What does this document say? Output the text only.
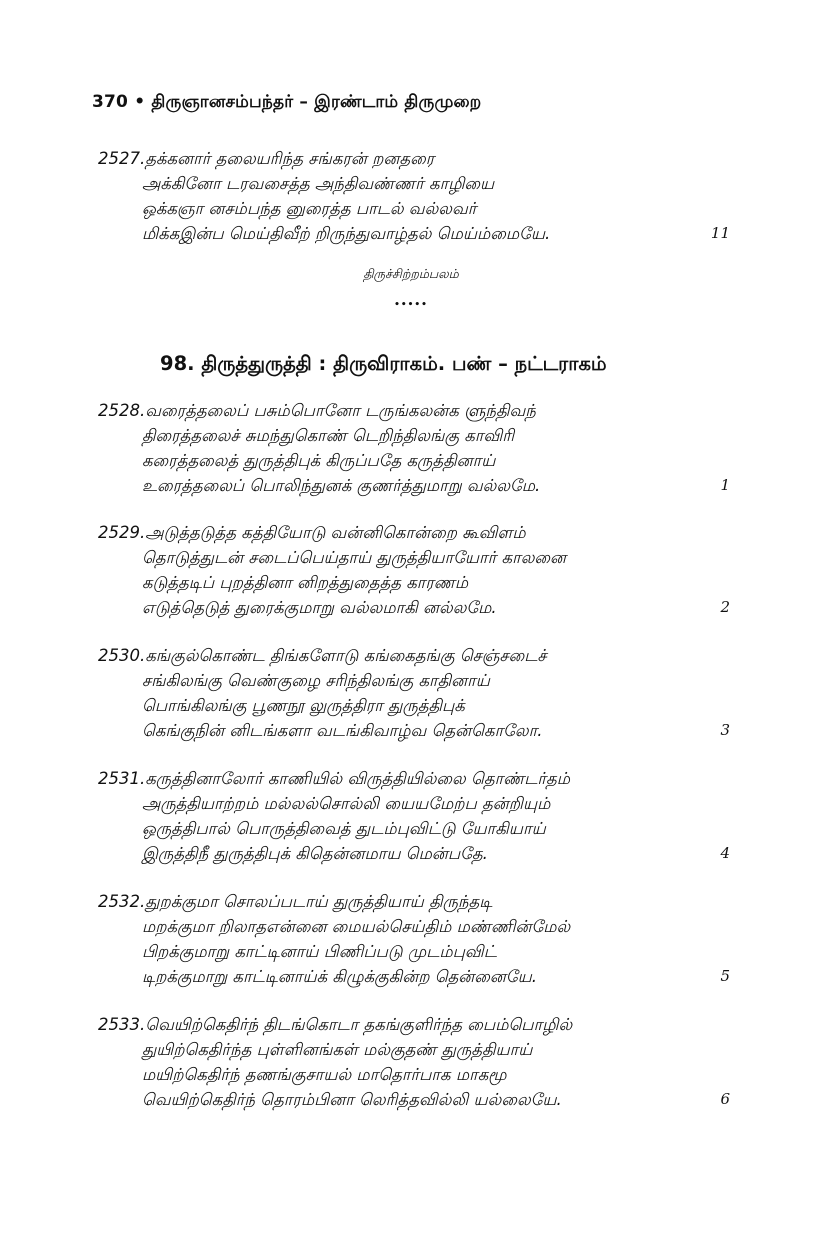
370 • திருஞானசம்பந்தர் – இரண்டாம் திருமுறை
2527.தக்கனார் தலையரிந்த சங்கரன் றனதரை
அக்கினோ டரவசைத்த அந்திவண்ணர் காழியை
ஒக்கஞா னசம்பந்த னுரைத்த பாடல் வல்லவர்
மிக்கஇன்ப மெய்திவீற் றிருந்துவாழ்தல் மெய்ம்மையே.	11
திருச்சிற்றம்பலம்
•••••
98. திருத்துருத்தி : திருவிராகம். பண் – நட்டராகம்
2528.வரைத்தலைப் பசும்பொனோ டருங்கலன்க ளுந்திவந்
திரைத்தலைச் சுமந்துகொண் டெறிந்திலங்கு காவிரி
கரைத்தலைத் துருத்திபுக் கிருப்பதே கருத்தினாய்
உரைத்தலைப் பொலிந்துனக் குணர்த்துமாறு வல்லமே.	1
2529.அடுத்தடுத்த கத்தியோடு வன்னிகொன்றை கூவிளம்
தொடுத்துடன் சடைப்பெய்தாய் துருத்தியாயோர் காலனை
கடுத்தடிப் புறத்தினா னிறத்துதைத்த காரணம்
எடுத்தெடுத் துரைக்குமாறு வல்லமாகி னல்லமே.	2
2530.கங்குல்கொண்ட திங்களோடு கங்கைதங்கு செஞ்சடைச்
சங்கிலங்கு வெண்குழை சரிந்திலங்கு காதினாய்
பொங்கிலங்கு பூணநூ லுருத்திரா துருத்திபுக்
கெங்குநின் னிடங்களா வடங்கிவாழ்வ தென்கொலோ.	3
2531.கருத்தினாலோர் காணியில் விருத்தியில்லை தொண்டர்தம்
அருத்தியாற்றம் மல்லல்சொல்லி யையமேற்ப தன்றியும்
ஒருத்திபால் பொருத்திவைத் துடம்புவிட்டு யோகியாய்
இருத்திநீ துருத்திபுக் கிதென்னமாய மென்பதே.	4
2532.துறக்குமா சொலப்படாய் துருத்தியாய் திருந்தடி
மறக்குமா றிலாதஎன்னை மையல்செய்திம் மண்ணின்மேல்
பிறக்குமாறு காட்டினாய் பிணிப்படு முடம்புவிட்
டிறக்குமாறு காட்டினாய்க் கிழுக்குகின்ற தென்னையே.	5
2533.வெயிற்கெதிர்ந் திடங்கொடா தகங்குளிர்ந்த பைம்பொழில்
துயிற்கெதிர்ந்த புள்ளினங்கள் மல்குதண் துருத்தியாய்
மயிற்கெதிர்ந் தணங்குசாயல் மாதொர்பாக மாகமூ
வெயிற்கெதிர்ந் தொரம்பினா லெரித்தவில்லி யல்லையே.	6
